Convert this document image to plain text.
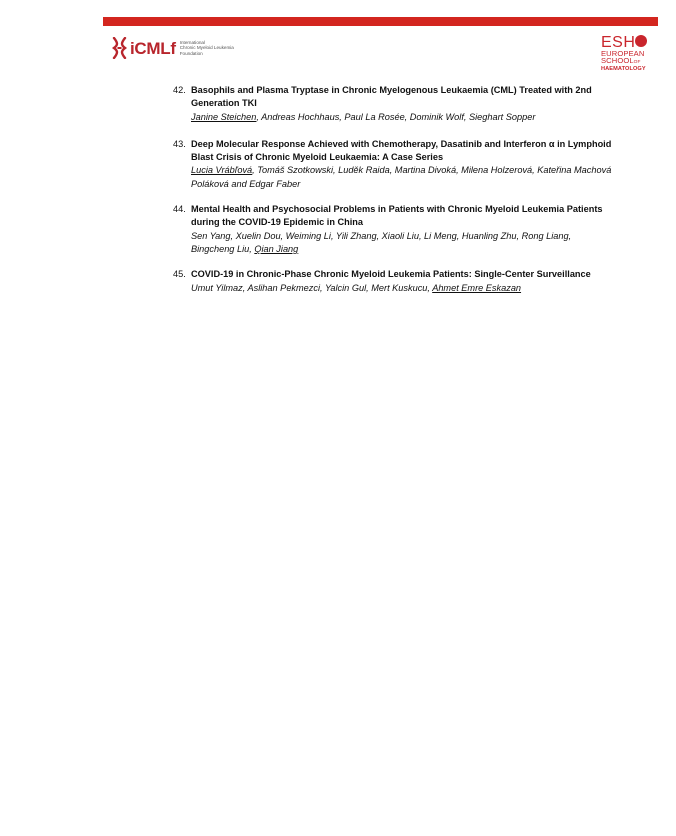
iCMLf International
Chronic Myeloid Leukemia
Foundation
ESH
EUROPEAN
SCHOOLOF
HAEMATOLOGY
42. Basophils and Plasma Tryptase in Chronic Myelogenous Leukaemia (CML) Treated with 2nd Generation TKI
Janine Steichen, Andreas Hochhaus, Paul La Rosée, Dominik Wolf, Sieghart Sopper
43. Deep Molecular Response Achieved with Chemotherapy, Dasatinib and Interferon α in Lymphoid Blast Crisis of Chronic Myeloid Leukaemia: A Case Series
Lucia Vrábľová, Tomáš Szotkowski, Luděk Raida, Martina Divoká, Milena Holzerová, Kateřina Machová Poláková and Edgar Faber
44. Mental Health and Psychosocial Problems in Patients with Chronic Myeloid Leukemia Patients during the COVID-19 Epidemic in China
Sen Yang, Xuelin Dou, Weiming Li, Yili Zhang, Xiaoli Liu, Li Meng, Huanling Zhu, Rong Liang, Bingcheng Liu, Qian Jiang
45. COVID-19 in Chronic-Phase Chronic Myeloid Leukemia Patients: Single-Center Surveillance
Umut Yilmaz, Aslihan Pekmezci, Yalcin Gul, Mert Kuskucu, Ahmet Emre Eskazan
